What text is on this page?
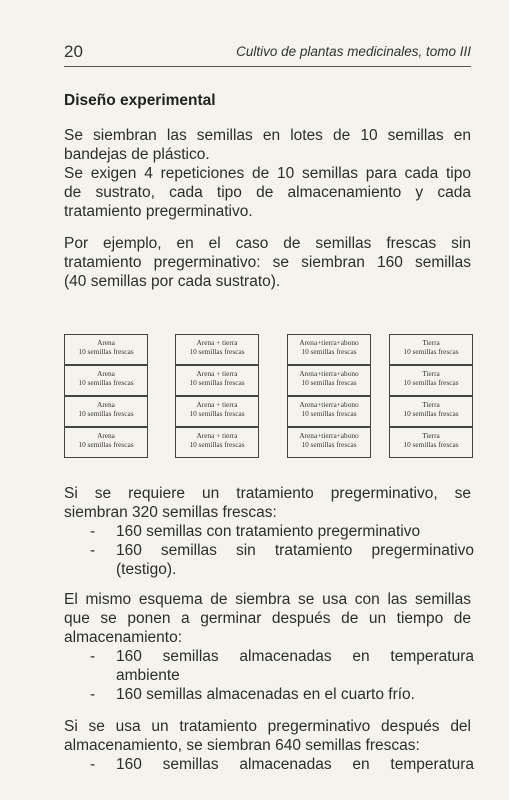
20	Cultivo de plantas medicinales, tomo III
Diseño experimental
Se siembran las semillas en lotes de 10 semillas en
bandejas de plástico.
Se exigen 4 repeticiones de 10 semillas para cada tipo
de sustrato, cada tipo de almacenamiento y cada
tratamiento pregerminativo.
Por ejemplo, en el caso de semillas frescas sin
tratamiento pregerminativo: se siembran 160 semillas
(40 semillas por cada sustrato).
Arena
10 semillas frescas
Arena
10 semillas frescas
Arena
10 semillas frescas
Arena
10 semillas frescas
Arena + tierra
10 semillas frescas
Arena + tierra
10 semillas frescas
Arena + tierra
10 semillas frescas
Arena + tierra
10 semillas frescas
Arena+tierra+abono
10 semillas frescas
Arena+tierra+abono
10 semillas frescas
Arena+tierra+abono
10 semillas frescas
Arena+tierra+abono
10 semillas frescas
Tierra
10 semillas frescas
Tierra
10 semillas frescas
Tierra
10 semillas frescas
Tierra
10 semillas frescas
Si se requiere un tratamiento pregerminativo, se
siembran 320 semillas frescas:
- 160 semillas con tratamiento pregerminativo
- 160 semillas sin tratamiento pregerminativo
(testigo).
El mismo esquema de siembra se usa con las semillas
que se ponen a germinar después de un tiempo de
almacenamiento:
- 160 semillas almacenadas en temperatura
ambiente
- 160 semillas almacenadas en el cuarto frío.
Si se usa un tratamiento pregerminativo después del
almacenamiento, se siembran 640 semillas frescas:
- 160 semillas almacenadas en temperatura
